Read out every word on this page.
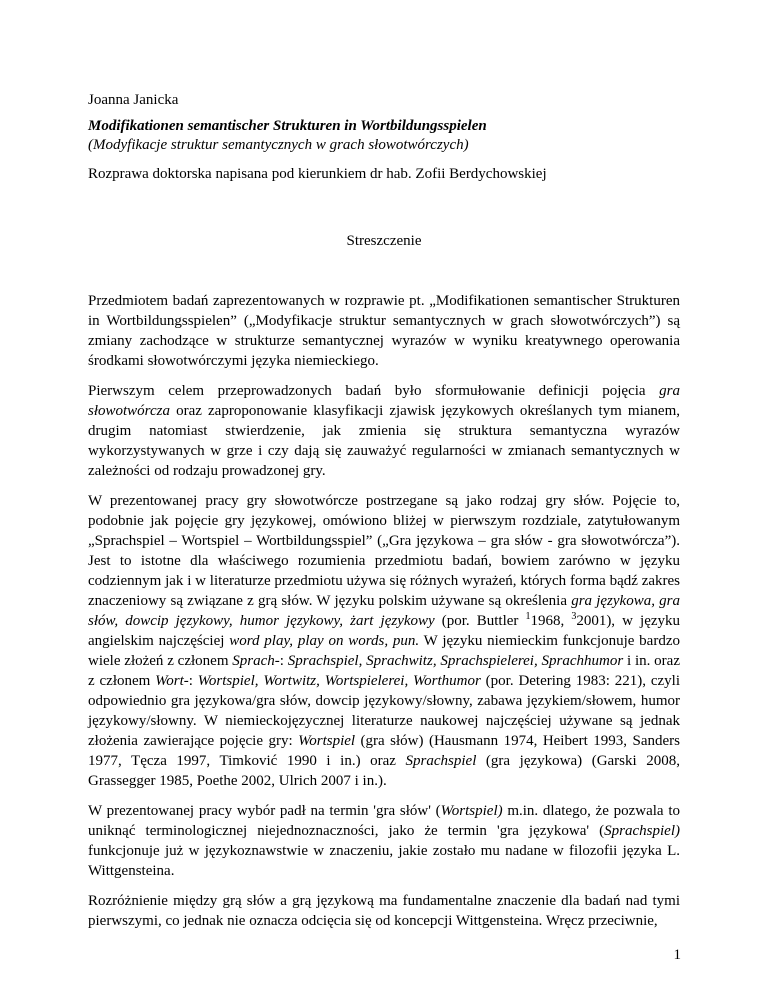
Joanna Janicka
Modifikationen semantischer Strukturen in Wortbildungsspielen
(Modyfikacje struktur semantycznych w grach słowotwórczych)
Rozprawa doktorska napisana pod kierunkiem dr hab. Zofii Berdychowskiej
Streszczenie

Przedmiotem badań zaprezentowanych w rozprawie pt. „Modifikationen semantischer Strukturen in Wortbildungsspielen” („Modyfikacje struktur semantycznych w grach słowotwórczych”) są zmiany zachodzące w strukturze semantycznej wyrazów w wyniku kreatywnego operowania środkami słowotwórczymi języka niemieckiego.

Pierwszym celem przeprowadzonych badań było sformułowanie definicji pojęcia gra słowotwórcza oraz zaproponowanie klasyfikacji zjawisk językowych określanych tym mianem, drugim natomiast stwierdzenie, jak zmienia się struktura semantyczna wyrazów wykorzystywanych w grze i czy dają się zauważyć regularności w zmianach semantycznych w zależności od rodzaju prowadzonej gry.

W prezentowanej pracy gry słowotwórcze postrzegane są jako rodzaj gry słów. Pojęcie to, podobnie jak pojęcie gry językowej, omówiono bliżej w pierwszym rozdziale, zatytułowanym „Sprachspiel – Wortspiel – Wortbildungsspiel” („Gra językowa – gra słów - gra słowotwórcza”). Jest to istotne dla właściwego rozumienia przedmiotu badań, bowiem zarówno w języku codziennym jak i w literaturze przedmiotu używa się różnych wyrażeń, których forma bądź zakres znaczeniowy są związane z grą słów. W języku polskim używane są określenia gra językowa, gra słów, dowcip językowy, humor językowy, żart językowy (por. Buttler $^1$1968, $^3$2001), w języku angielskim najczęściej word play, play on words, pun. W języku niemieckim funkcjonuje bardzo wiele złożeń z członem Sprach-: Sprachspiel, Sprachwitz, Sprachspielerei, Sprachhumor i in. oraz z członem Wort-: Wortspiel, Wortwitz, Wortspielerei, Worthumor (por. Detering 1983: 221), czyli odpowiednio gra językowa/gra słów, dowcip językowy/słowny, zabawa językiem/słowem, humor językowy/słowny. W niemieckojęzycznej literaturze naukowej najczęściej używane są jednak złożenia zawierające pojęcie gry: Wortspiel (gra słów) (Hausmann 1974, Heibert 1993, Sanders 1977, Tęcza 1997, Timković 1990 i in.) oraz Sprachspiel (gra językowa) (Garski 2008, Grassegger 1985, Poethe 2002, Ulrich 2007 i in.).

W prezentowanej pracy wybór padł na termin 'gra słów' (Wortspiel) m.in. dlatego, że pozwala to uniknąć terminologicznej niejednoznaczności, jako że termin 'gra językowa' (Sprachspiel) funkcjonuje już w językoznawstwie w znaczeniu, jakie zostało mu nadane w filozofii języka L. Wittgensteina.

Rozróżnienie między grą słów a grą językową ma fundamentalne znaczenie dla badań nad tymi pierwszymi, co jednak nie oznacza odcięcia się od koncepcji Wittgensteina. Wręcz przeciwnie,

1
